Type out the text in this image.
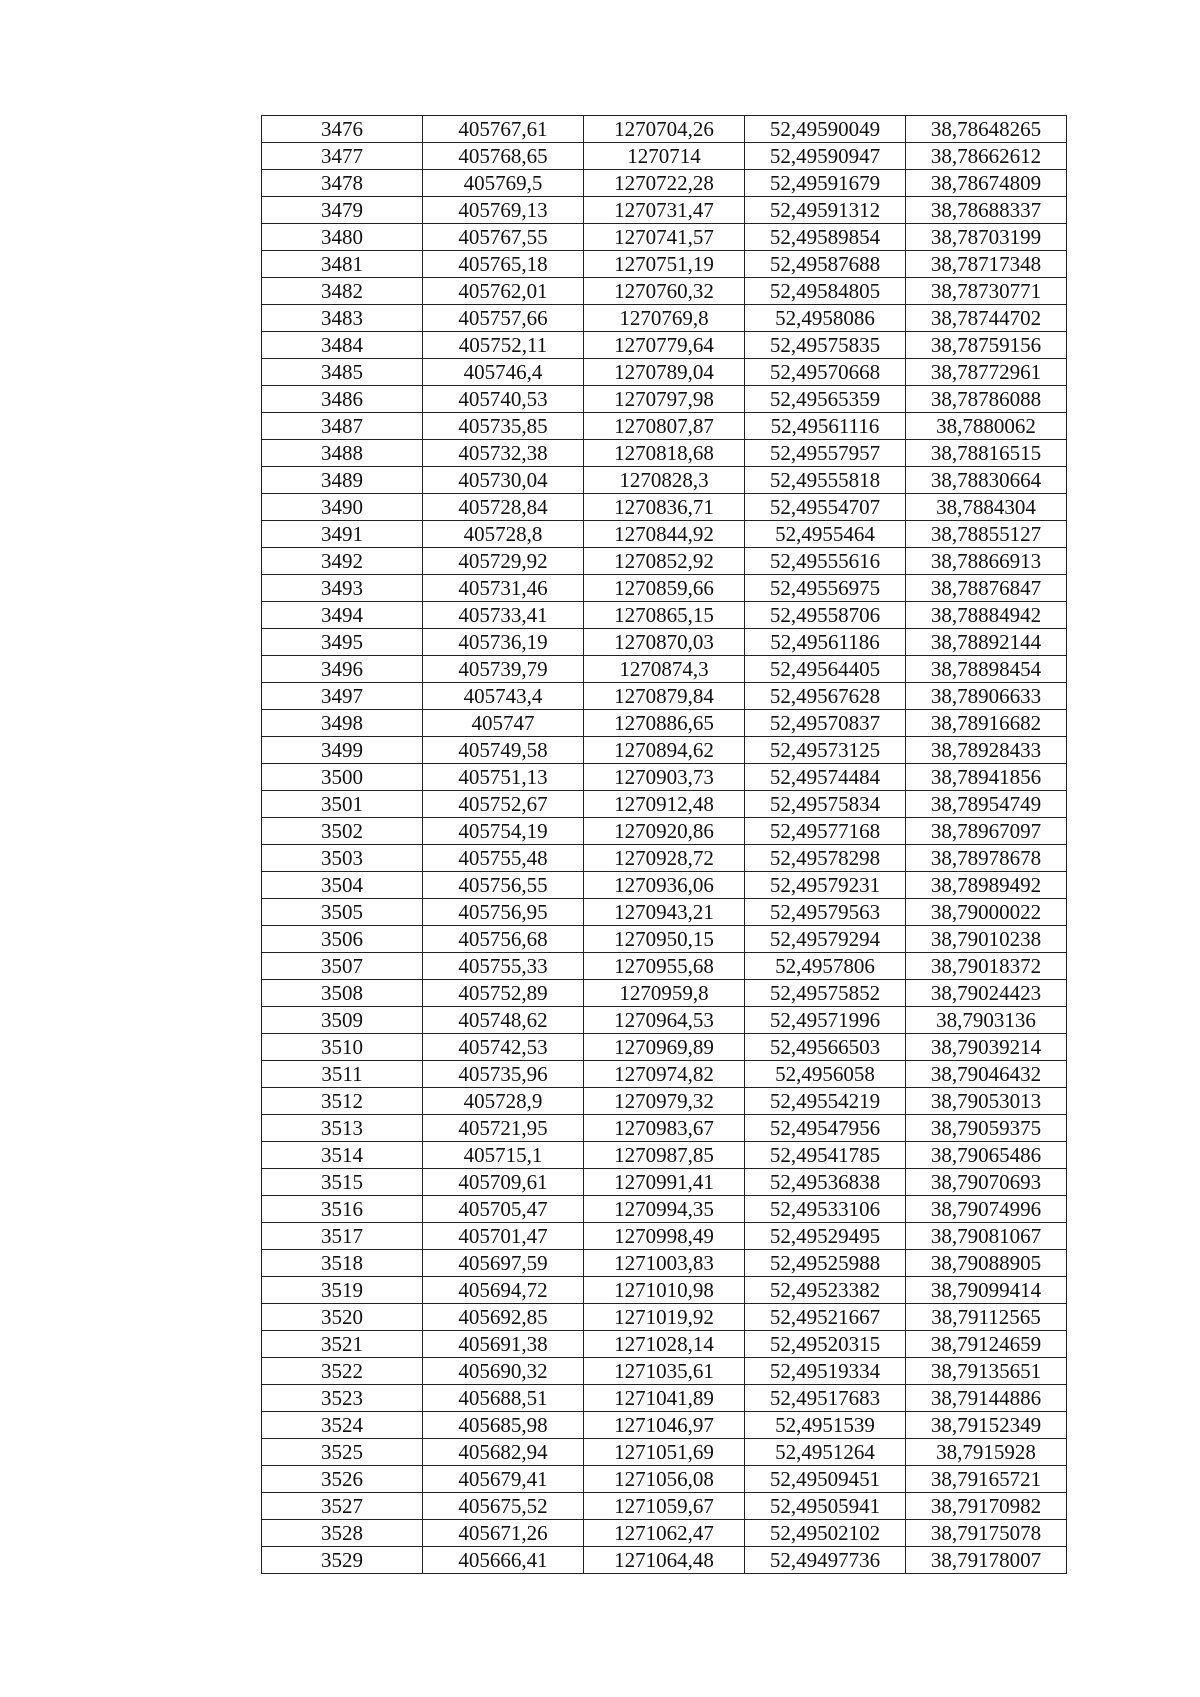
3476	405767,61	1270704,26	52,49590049	38,78648265
3477	405768,65	1270714	52,49590947	38,78662612
3478	405769,5	1270722,28	52,49591679	38,78674809
3479	405769,13	1270731,47	52,49591312	38,78688337
3480	405767,55	1270741,57	52,49589854	38,78703199
3481	405765,18	1270751,19	52,49587688	38,78717348
3482	405762,01	1270760,32	52,49584805	38,78730771
3483	405757,66	1270769,8	52,4958086	38,78744702
3484	405752,11	1270779,64	52,49575835	38,78759156
3485	405746,4	1270789,04	52,49570668	38,78772961
3486	405740,53	1270797,98	52,49565359	38,78786088
3487	405735,85	1270807,87	52,49561116	38,7880062
3488	405732,38	1270818,68	52,49557957	38,78816515
3489	405730,04	1270828,3	52,49555818	38,78830664
3490	405728,84	1270836,71	52,49554707	38,7884304
3491	405728,8	1270844,92	52,4955464	38,78855127
3492	405729,92	1270852,92	52,49555616	38,78866913
3493	405731,46	1270859,66	52,49556975	38,78876847
3494	405733,41	1270865,15	52,49558706	38,78884942
3495	405736,19	1270870,03	52,49561186	38,78892144
3496	405739,79	1270874,3	52,49564405	38,78898454
3497	405743,4	1270879,84	52,49567628	38,78906633
3498	405747	1270886,65	52,49570837	38,78916682
3499	405749,58	1270894,62	52,49573125	38,78928433
3500	405751,13	1270903,73	52,49574484	38,78941856
3501	405752,67	1270912,48	52,49575834	38,78954749
3502	405754,19	1270920,86	52,49577168	38,78967097
3503	405755,48	1270928,72	52,49578298	38,78978678
3504	405756,55	1270936,06	52,49579231	38,78989492
3505	405756,95	1270943,21	52,49579563	38,79000022
3506	405756,68	1270950,15	52,49579294	38,79010238
3507	405755,33	1270955,68	52,4957806	38,79018372
3508	405752,89	1270959,8	52,49575852	38,79024423
3509	405748,62	1270964,53	52,49571996	38,7903136
3510	405742,53	1270969,89	52,49566503	38,79039214
3511	405735,96	1270974,82	52,4956058	38,79046432
3512	405728,9	1270979,32	52,49554219	38,79053013
3513	405721,95	1270983,67	52,49547956	38,79059375
3514	405715,1	1270987,85	52,49541785	38,79065486
3515	405709,61	1270991,41	52,49536838	38,79070693
3516	405705,47	1270994,35	52,49533106	38,79074996
3517	405701,47	1270998,49	52,49529495	38,79081067
3518	405697,59	1271003,83	52,49525988	38,79088905
3519	405694,72	1271010,98	52,49523382	38,79099414
3520	405692,85	1271019,92	52,49521667	38,79112565
3521	405691,38	1271028,14	52,49520315	38,79124659
3522	405690,32	1271035,61	52,49519334	38,79135651
3523	405688,51	1271041,89	52,49517683	38,79144886
3524	405685,98	1271046,97	52,4951539	38,79152349
3525	405682,94	1271051,69	52,4951264	38,7915928
3526	405679,41	1271056,08	52,49509451	38,79165721
3527	405675,52	1271059,67	52,49505941	38,79170982
3528	405671,26	1271062,47	52,49502102	38,79175078
3529	405666,41	1271064,48	52,49497736	38,79178007
